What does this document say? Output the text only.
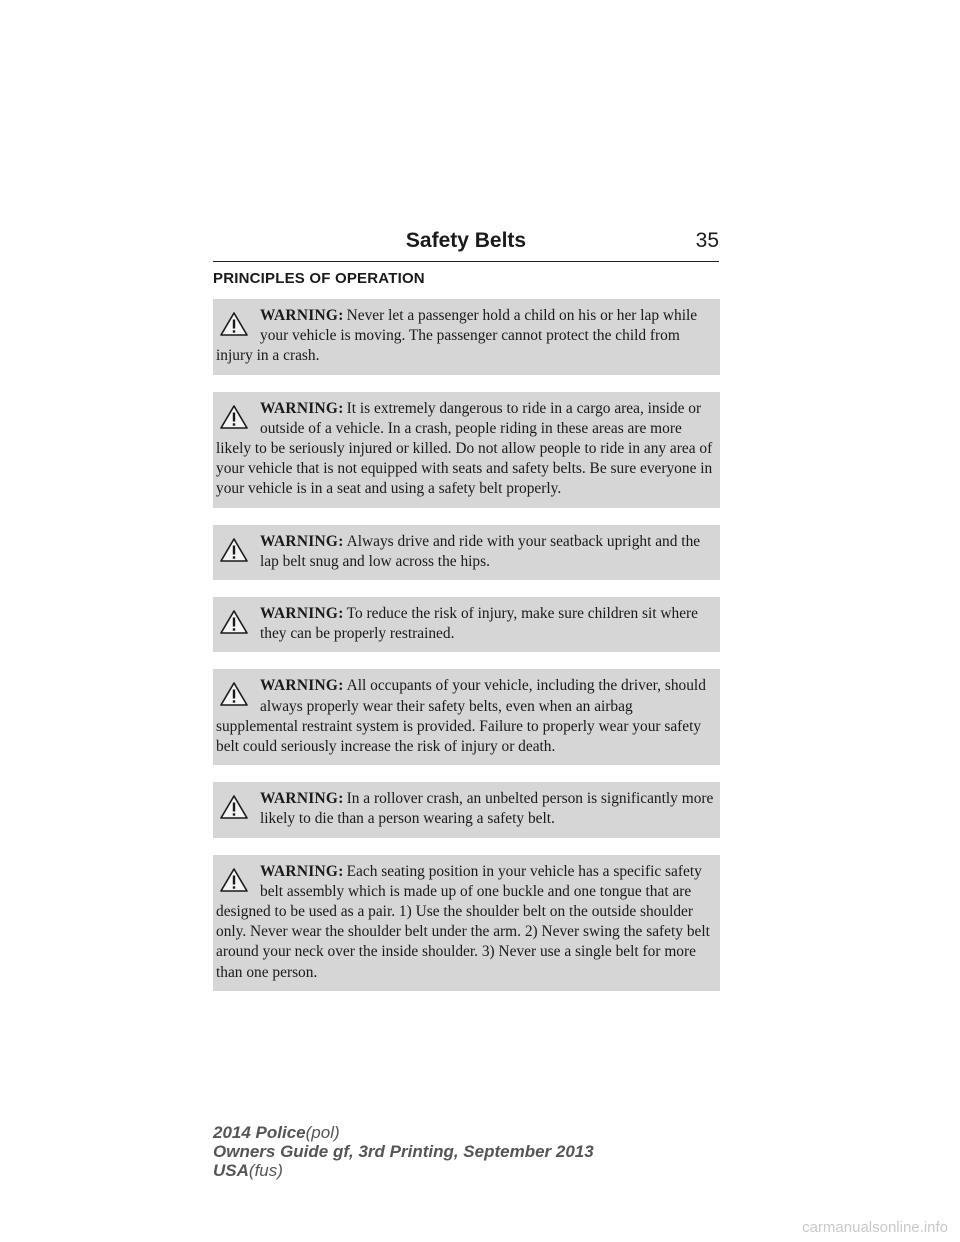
Safety Belts	35
PRINCIPLES OF OPERATION
WARNING: Never let a passenger hold a child on his or her lap while your vehicle is moving. The passenger cannot protect the child from injury in a crash.
WARNING: It is extremely dangerous to ride in a cargo area, inside or outside of a vehicle. In a crash, people riding in these areas are more likely to be seriously injured or killed. Do not allow people to ride in any area of your vehicle that is not equipped with seats and safety belts. Be sure everyone in your vehicle is in a seat and using a safety belt properly.
WARNING: Always drive and ride with your seatback upright and the lap belt snug and low across the hips.
WARNING: To reduce the risk of injury, make sure children sit where they can be properly restrained.
WARNING: All occupants of your vehicle, including the driver, should always properly wear their safety belts, even when an airbag supplemental restraint system is provided. Failure to properly wear your safety belt could seriously increase the risk of injury or death.
WARNING: In a rollover crash, an unbelted person is significantly more likely to die than a person wearing a safety belt.
WARNING: Each seating position in your vehicle has a specific safety belt assembly which is made up of one buckle and one tongue that are designed to be used as a pair. 1) Use the shoulder belt on the outside shoulder only. Never wear the shoulder belt under the arm. 2) Never swing the safety belt around your neck over the inside shoulder. 3) Never use a single belt for more than one person.
2014 Police(pol)
Owners Guide gf, 3rd Printing, September 2013
USA(fus)
carmanualsonline.info
